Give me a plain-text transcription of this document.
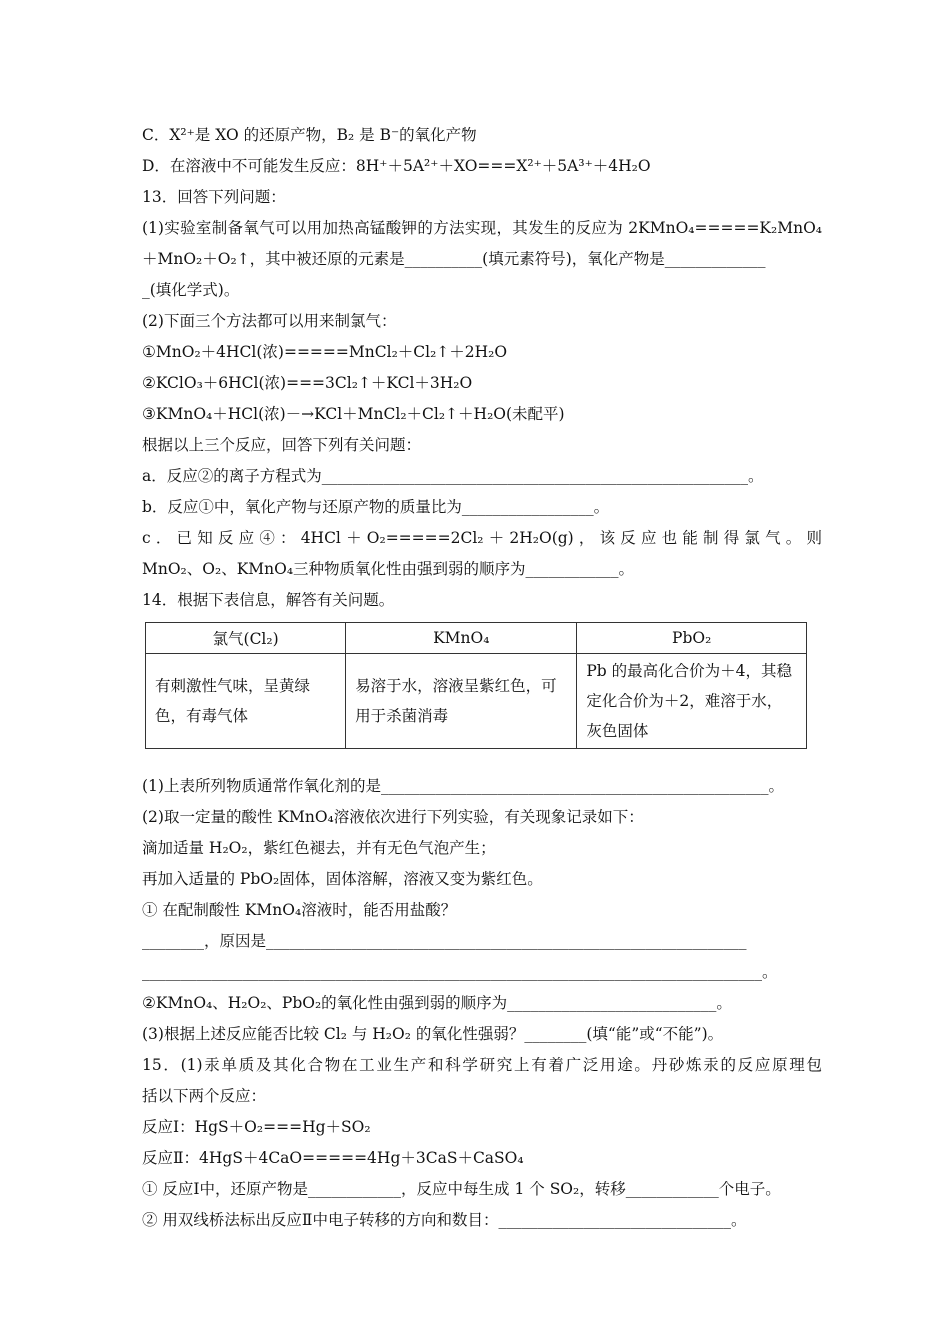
C．X²⁺是 XO 的还原产物，B₂ 是 B⁻的氧化产物
D．在溶液中不可能发生反应：8H⁺＋5A²⁺＋XO===X²⁺＋5A³⁺＋4H₂O
13．回答下列问题：
(1)实验室制备氧气可以用加热高锰酸钾的方法实现，其发生的反应为 2KMnO₄=====K₂MnO₄
＋MnO₂＋O₂↑，其中被还原的元素是__________(填元素符号)，氧化产物是_____________
_(填化学式)。
(2)下面三个方法都可以用来制氯气：
①MnO₂＋4HCl(浓)=====MnCl₂＋Cl₂↑＋2H₂O
②KClO₃＋6HCl(浓)===3Cl₂↑＋KCl＋3H₂O
③KMnO₄＋HCl(浓)－→KCl＋MnCl₂＋Cl₂↑＋H₂O(未配平)
根据以上三个反应，回答下列有关问题：
a．反应②的离子方程式为_______________________________________________________。
b．反应①中，氧化产物与还原产物的质量比为_________________。
c．已知反应④：4HCl＋O₂=====2Cl₂＋2H₂O(g)，该反应也能制得氯气。则
MnO₂、O₂、KMnO₄三种物质氧化性由强到弱的顺序为____________。
14．根据下表信息，解答有关问题。
氯气(Cl₂)	KMnO₄	PbO₂
有刺激性气味，呈黄绿色，有毒气体	易溶于水，溶液呈紫红色，可用于杀菌消毒	Pb 的最高化合价为＋4，其稳定化合价为＋2，难溶于水，灰色固体
(1)上表所列物质通常作氧化剂的是__________________________________________________。
(2)取一定量的酸性 KMnO₄溶液依次进行下列实验，有关现象记录如下：
滴加适量 H₂O₂，紫红色褪去，并有无色气泡产生；
再加入适量的 PbO₂固体，固体溶解，溶液又变为紫红色。
① 在配制酸性 KMnO₄溶液时，能否用盐酸？
________，原因是______________________________________________________________
________________________________________________________________________________。
②KMnO₄、H₂O₂、PbO₂的氧化性由强到弱的顺序为___________________________。
(3)根据上述反应能否比较 Cl₂ 与 H₂O₂ 的氧化性强弱？________(填“能”或“不能”)。
15．(1)汞单质及其化合物在工业生产和科学研究上有着广泛用途。丹砂炼汞的反应原理包
括以下两个反应：
反应Ⅰ：HgS＋O₂===Hg＋SO₂
反应Ⅱ：4HgS＋4CaO=====4Hg＋3CaS＋CaSO₄
① 反应Ⅰ中，还原产物是____________，反应中每生成 1 个 SO₂，转移____________个电子。
② 用双线桥法标出反应Ⅱ中电子转移的方向和数目：______________________________。
